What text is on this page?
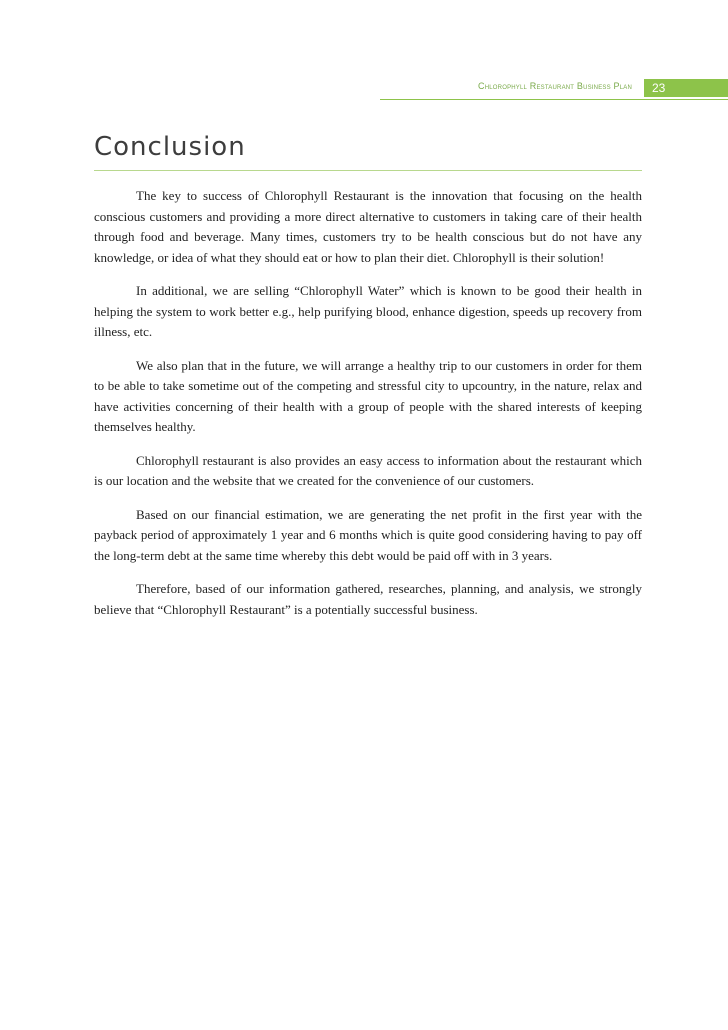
Chlorophyll Restaurant Business Plan	23
Conclusion

The key to success of Chlorophyll Restaurant is the innovation that focusing on the health conscious customers and providing a more direct alternative to customers in taking care of their health through food and beverage. Many times, customers try to be health conscious but do not have any knowledge, or idea of what they should eat or how to plan their diet. Chlorophyll is their solution!

In additional, we are selling “Chlorophyll Water” which is known to be good their health in helping the system to work better e.g., help purifying blood, enhance digestion, speeds up recovery from illness, etc.

We also plan that in the future, we will arrange a healthy trip to our customers in order for them to be able to take sometime out of the competing and stressful city to upcountry, in the nature, relax and have activities concerning of their health with a group of people with the shared interests of keeping themselves healthy.

Chlorophyll restaurant is also provides an easy access to information about the restaurant which is our location and the website that we created for the convenience of our customers.

Based on our financial estimation, we are generating the net profit in the first year with the payback period of approximately 1 year and 6 months which is quite good considering having to pay off the long-term debt at the same time whereby this debt would be paid off with in 3 years.

Therefore, based of our information gathered, researches, planning, and analysis, we strongly believe that “Chlorophyll Restaurant” is a potentially successful business.
